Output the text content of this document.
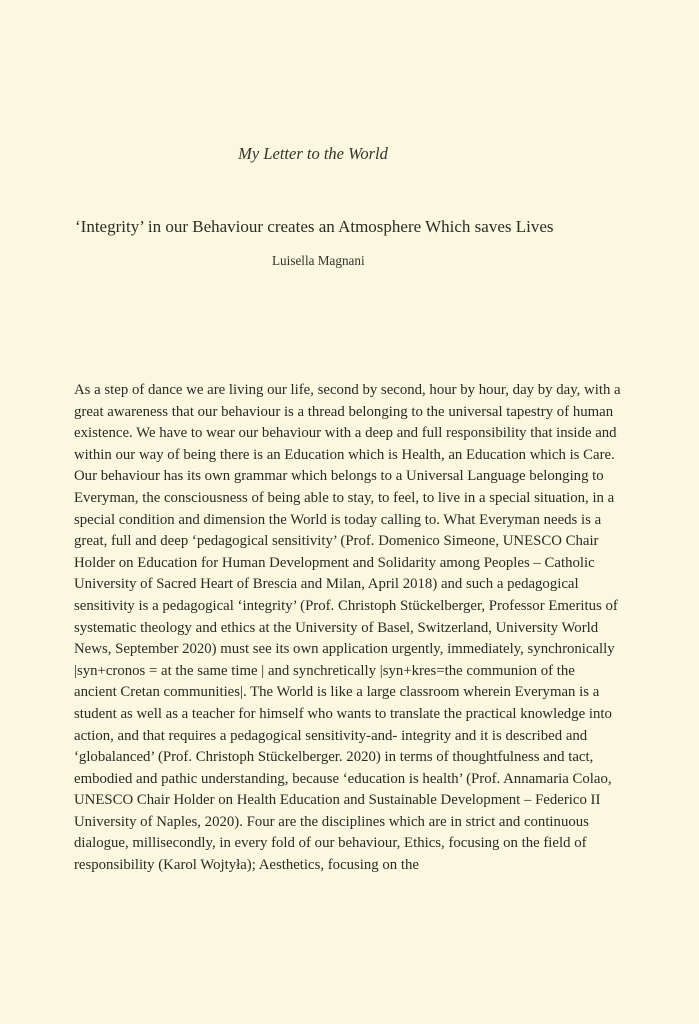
My Letter to the World
‘Integrity’ in our Behaviour creates an Atmosphere Which saves Lives
Luisella Magnani
As a step of dance we are living our life, second by second, hour by hour, day by day, with a
great awareness that our behaviour is a thread belonging to the universal tapestry of human
existence. We have to wear our behaviour with a deep and full responsibility that inside and
within our way of being there is an Education which is Health, an Education which is Care.
Our behaviour has its own grammar which belongs to a Universal Language belonging to
Everyman, the consciousness of being able to stay, to feel, to live in a special situation, in a
special condition and dimension the World is today calling to. What Everyman needs is a
great, full and deep ‘pedagogical sensitivity’ (Prof. Domenico Simeone, UNESCO Chair
Holder on Education for Human Development and Solidarity among Peoples – Catholic
University of Sacred Heart of Brescia and Milan, April 2018) and such a pedagogical
sensitivity is a pedagogical ‘integrity’ (Prof. Christoph Stückelberger, Professor Emeritus of
systematic theology and ethics at the University of Basel, Switzerland, University World
News, September 2020) must see its own application urgently, immediately, synchronically
|syn+cronos = at the same time | and synchretically |syn+kres=the communion of the
ancient Cretan communities|. The World is like a large classroom wherein Everyman is a
student as well as a teacher for himself who wants to translate the practical knowledge into
action, and that requires a pedagogical sensitivity-and- integrity and it is described and
‘globalanced’ (Prof. Christoph Stückelberger. 2020) in terms of thoughtfulness and tact,
embodied and pathic understanding, because ‘education is health’ (Prof. Annamaria Colao,
UNESCO Chair Holder on Health Education and Sustainable Development – Federico II
University of Naples, 2020). Four are the disciplines which are in strict and continuous
dialogue, millisecondly, in every fold of our behaviour, Ethics, focusing on the field of
responsibility (Karol Wojtyła); Aesthetics, focusing on the
